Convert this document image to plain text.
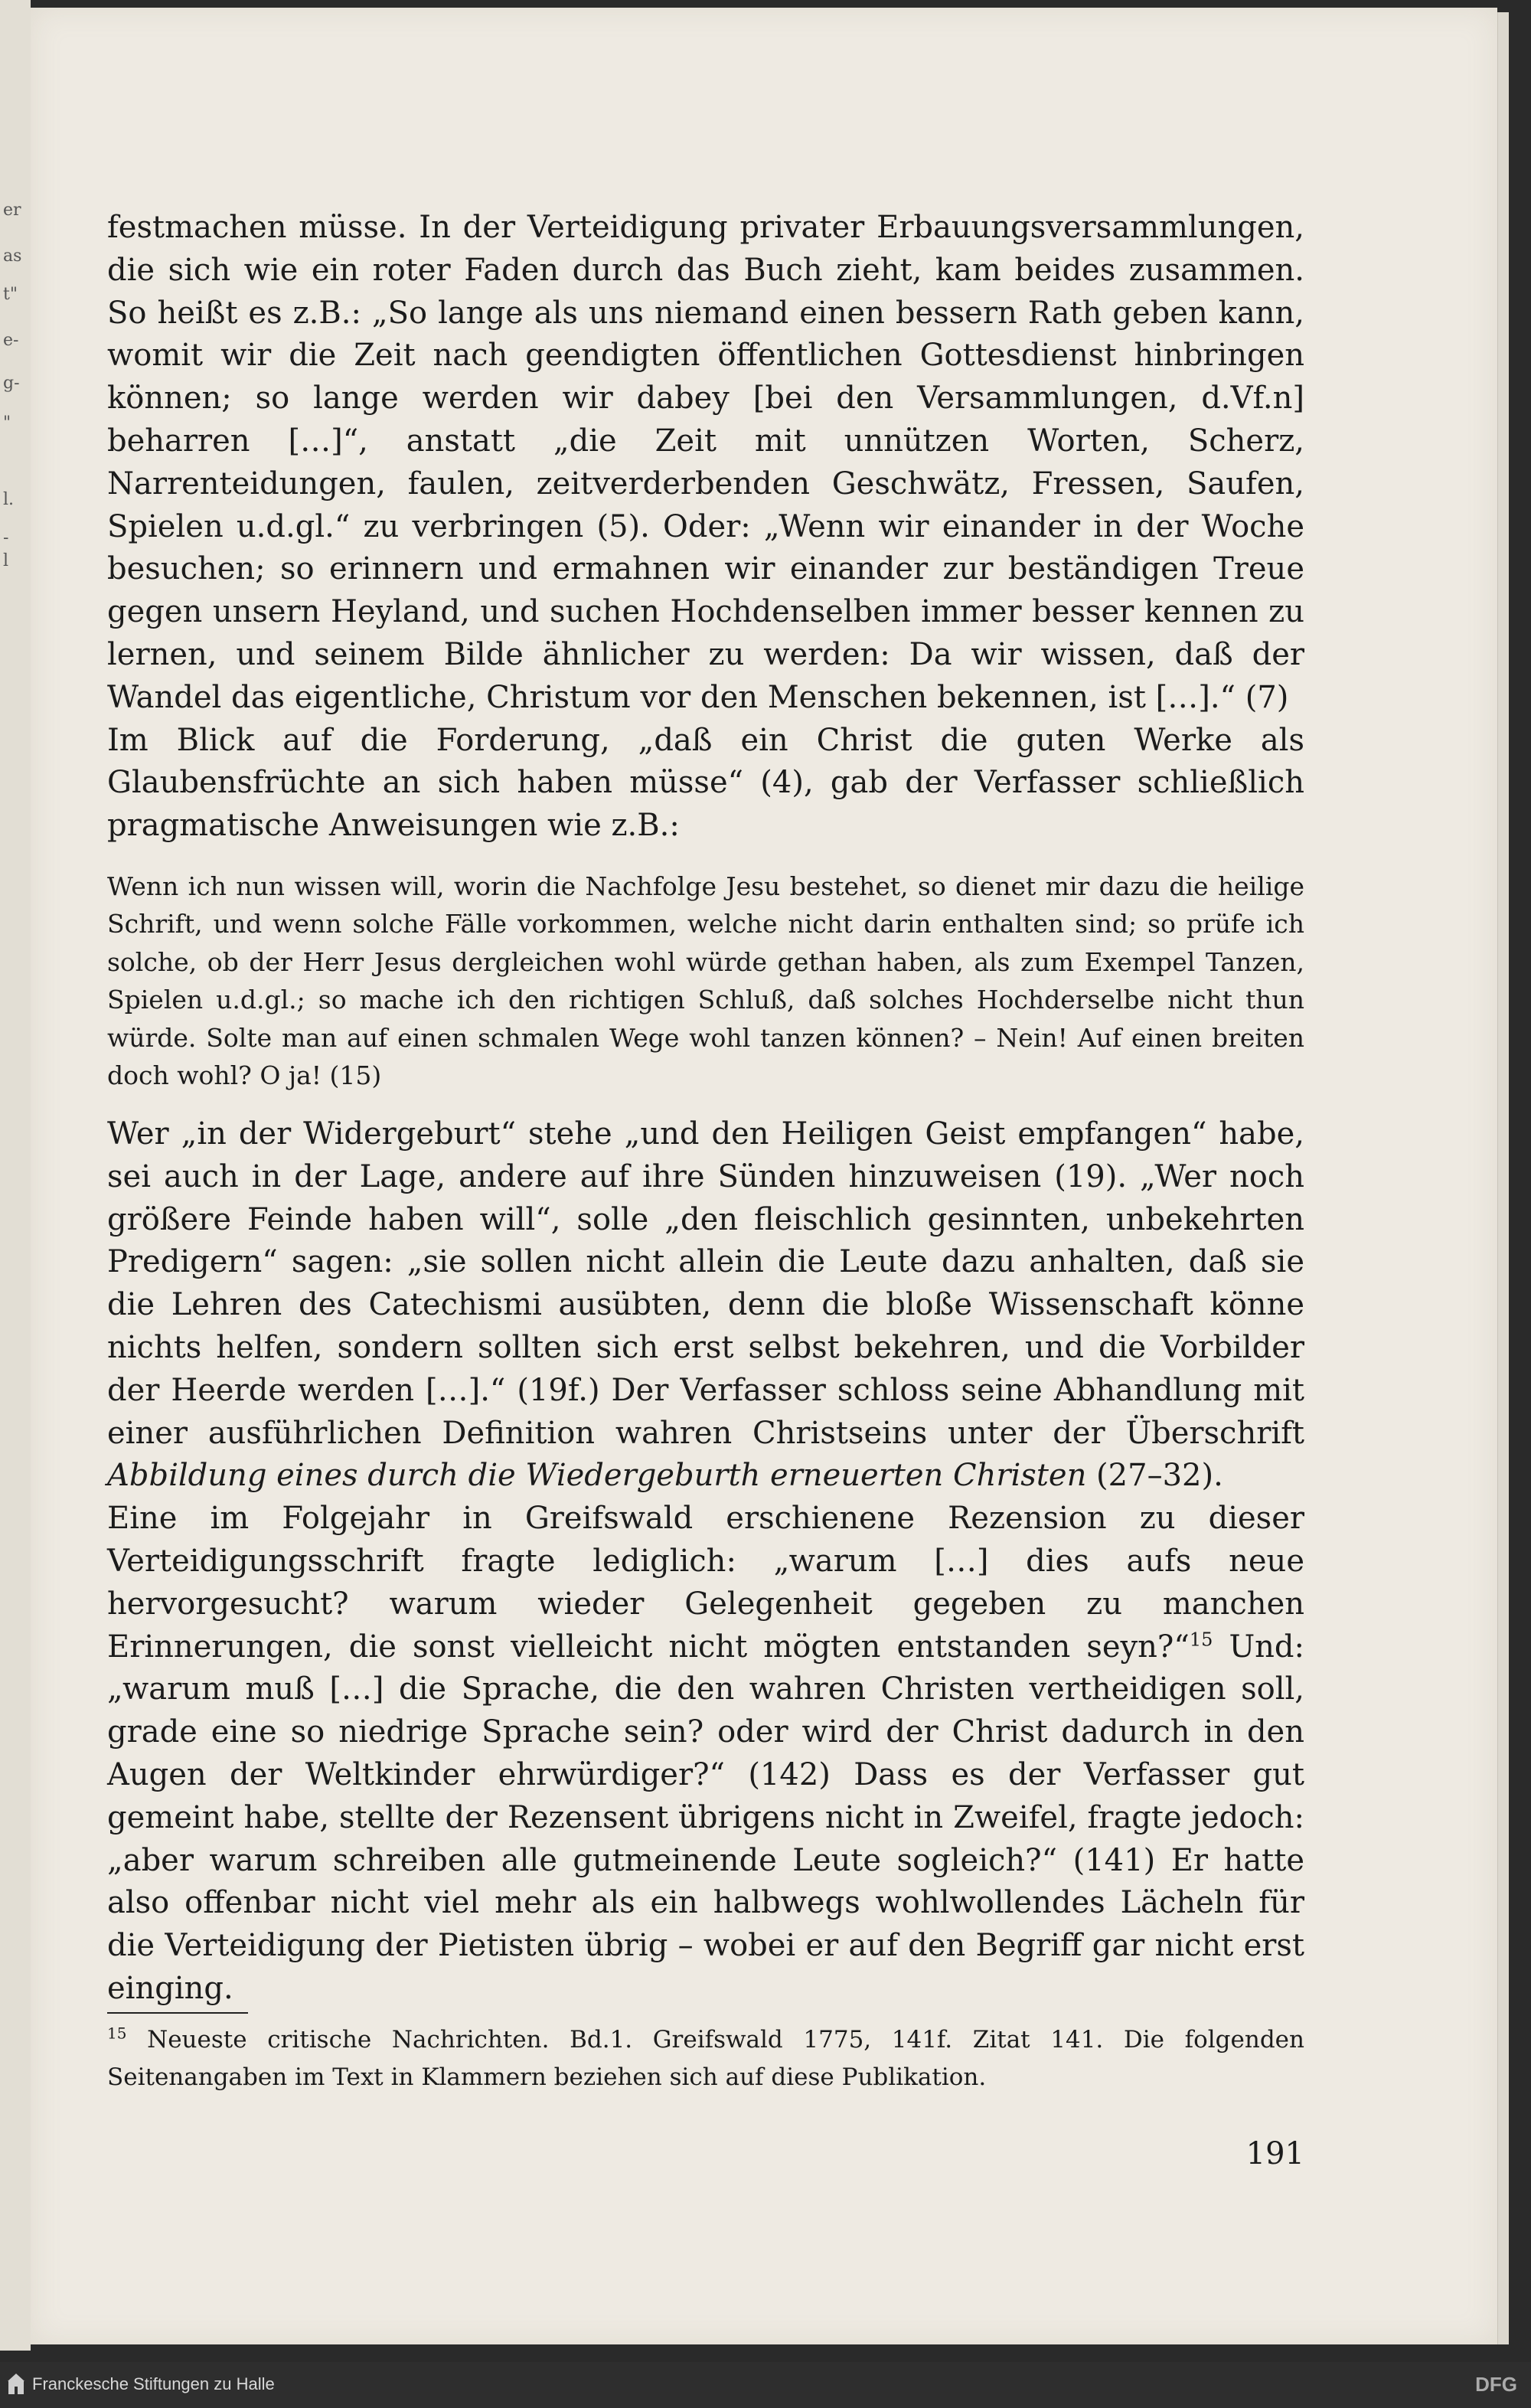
er
as
t"
e-
g-
"
l.
-
l

festmachen müsse. In der Verteidigung privater Erbauungsversammlungen, die sich wie ein roter Faden durch das Buch zieht, kam beides zusammen. So heißt es z.B.: „So lange als uns niemand einen bessern Rath geben kann, womit wir die Zeit nach geendigten öffentlichen Gottesdienst hinbringen können; so lange werden wir dabey [bei den Versammlungen, d.Vf.n] beharren […]“, anstatt „die Zeit mit unnützen Worten, Scherz, Narrenteidungen, faulen, zeitverderbenden Geschwätz, Fressen, Saufen, Spielen u.d.gl.“ zu verbringen (5). Oder: „Wenn wir einander in der Woche besuchen; so erinnern und ermahnen wir einander zur beständigen Treue gegen unsern Heyland, und suchen Hochdenselben immer besser kennen zu lernen, und seinem Bilde ähnlicher zu werden: Da wir wissen, daß der Wandel das eigentliche, Christum vor den Menschen bekennen, ist […].“ (7)

Im Blick auf die Forderung, „daß ein Christ die guten Werke als Glaubensfrüchte an sich haben müsse“ (4), gab der Verfasser schließlich pragmatische Anweisungen wie z.B.:

Wenn ich nun wissen will, worin die Nachfolge Jesu bestehet, so dienet mir dazu die heilige Schrift, und wenn solche Fälle vorkommen, welche nicht darin enthalten sind; so prüfe ich solche, ob der Herr Jesus dergleichen wohl würde gethan haben, als zum Exempel Tanzen, Spielen u.d.gl.; so mache ich den richtigen Schluß, daß solches Hochderselbe nicht thun würde. Solte man auf einen schmalen Wege wohl tanzen können? – Nein! Auf einen breiten doch wohl? O ja! (15)

Wer „in der Widergeburt“ stehe „und den Heiligen Geist empfangen“ habe, sei auch in der Lage, andere auf ihre Sünden hinzuweisen (19). „Wer noch größere Feinde haben will“, solle „den fleischlich gesinnten, unbekehrten Predigern“ sagen: „sie sollen nicht allein die Leute dazu anhalten, daß sie die Lehren des Catechismi ausübten, denn die bloße Wissenschaft könne nichts helfen, sondern sollten sich erst selbst bekehren, und die Vorbilder der Heerde werden […].“ (19f.) Der Verfasser schloss seine Abhandlung mit einer ausführlichen Definition wahren Christseins unter der Überschrift Abbildung eines durch die Wiedergeburth erneuerten Christen (27–32).

Eine im Folgejahr in Greifswald erschienene Rezension zu dieser Verteidigungsschrift fragte lediglich: „warum […] dies aufs neue hervorgesucht? warum wieder Gelegenheit gegeben zu manchen Erinnerungen, die sonst vielleicht nicht mögten entstanden seyn?“$^{15}$ Und: „warum muß […] die Sprache, die den wahren Christen vertheidigen soll, grade eine so niedrige Sprache sein? oder wird der Christ dadurch in den Augen der Weltkinder ehrwürdiger?“ (142) Dass es der Verfasser gut gemeint habe, stellte der Rezensent übrigens nicht in Zweifel, fragte jedoch: „aber warum schreiben alle gutmeinende Leute sogleich?“ (141) Er hatte also offenbar nicht viel mehr als ein halbwegs wohlwollendes Lächeln für die Verteidigung der Pietisten übrig – wobei er auf den Begriff gar nicht erst einging.

$^{15}$ Neueste critische Nachrichten. Bd.1. Greifswald 1775, 141f. Zitat 141. Die folgenden Seitenangaben im Text in Klammern beziehen sich auf diese Publikation.
191
Franckesche Stiftungen zu Halle	DFG
